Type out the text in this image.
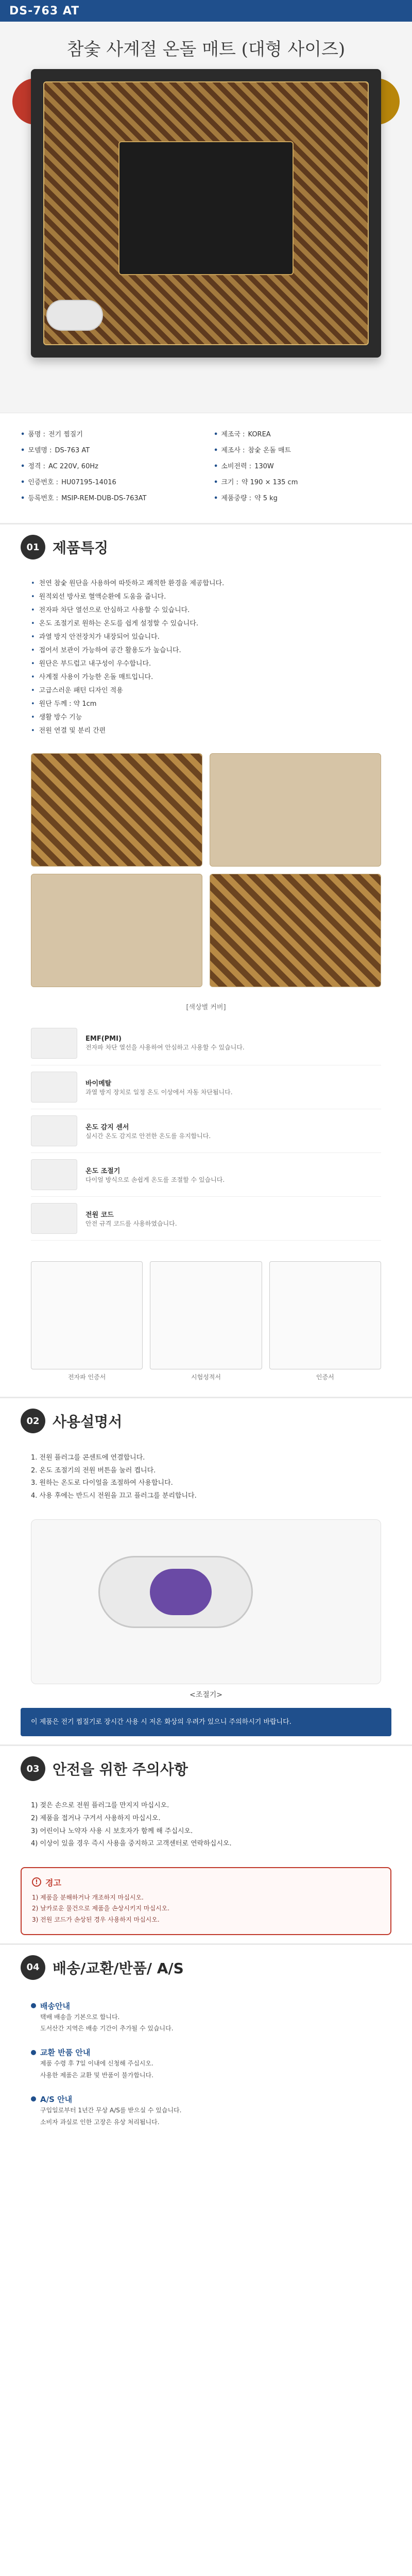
DS-763 AT
참숯 사계절 온돌 매트 (대형 사이즈)
• 품명 : 전기 찜질기	• 제조국 : KOREA
• 모델명 : DS-763 AT	• 제조사 : 참숯 온돌 매트
• 정격 : AC 220V, 60Hz	• 소비전력 : 130W
• 인증번호 : HU07195-14016	• 크기 : 약 190 × 135 cm
• 등록번호 : MSIP-REM-DUB-DS-763AT	• 제품중량 : 약 5 kg
01 제품특징
• 천연 참숯 원단을 사용하여 따뜻하고 쾌적한 환경을 제공합니다.
• 원적외선 방사로 혈액순환에 도움을 줍니다.
• 전자파 차단 열선으로 안심하고 사용할 수 있습니다.
• 온도 조절기로 원하는 온도를 쉽게 설정할 수 있습니다.
• 과열 방지 안전장치가 내장되어 있습니다.
• 접어서 보관이 가능하여 공간 활용도가 높습니다.
• 원단은 부드럽고 내구성이 우수합니다.
• 사계절 사용이 가능한 온돌 매트입니다.
• 고급스러운 패턴 디자인 적용
• 원단 두께 : 약 1cm
• 생활 방수 기능
• 전원 연결 및 분리 간편
[색상별 커버]
EMF(PMI)
전자파 차단 열선을 사용하여 안심하고 사용할 수 있습니다.
바이메탈
과열 방지 장치로 일정 온도 이상에서 자동 차단됩니다.
온도 감지 센서
실시간 온도 감지로 안전한 온도를 유지합니다.
온도 조절기
다이얼 방식으로 손쉽게 온도를 조절할 수 있습니다.
전원 코드
안전 규격 코드를 사용하였습니다.
전자파 인증서	시험성적서	인증서
02 사용설명서
1. 전원 플러그를 콘센트에 연결합니다.
2. 온도 조절기의 전원 버튼을 눌러 켭니다.
3. 원하는 온도로 다이얼을 조절하여 사용합니다.
4. 사용 후에는 반드시 전원을 끄고 플러그를 분리합니다.
<조절기>
이 제품은 전기 찜질기로 장시간 사용 시 저온 화상의 우려가 있으니 주의하시기 바랍니다.
03 안전을 위한 주의사항
1) 젖은 손으로 전원 플러그를 만지지 마십시오.
2) 제품을 접거나 구겨서 사용하지 마십시오.
3) 어린이나 노약자 사용 시 보호자가 함께 해 주십시오.
4) 이상이 있을 경우 즉시 사용을 중지하고 고객센터로 연락하십시오.
! 경고
1) 제품을 분해하거나 개조하지 마십시오.
2) 날카로운 물건으로 제품을 손상시키지 마십시오.
3) 전원 코드가 손상된 경우 사용하지 마십시오.
04 배송/교환/반품/ A/S
배송안내
택배 배송을 기본으로 합니다.
도서산간 지역은 배송 기간이 추가될 수 있습니다.
교환 반품 안내
제품 수령 후 7일 이내에 신청해 주십시오.
사용한 제품은 교환 및 반품이 불가합니다.
A/S 안내
구입일로부터 1년간 무상 A/S를 받으실 수 있습니다.
소비자 과실로 인한 고장은 유상 처리됩니다.
